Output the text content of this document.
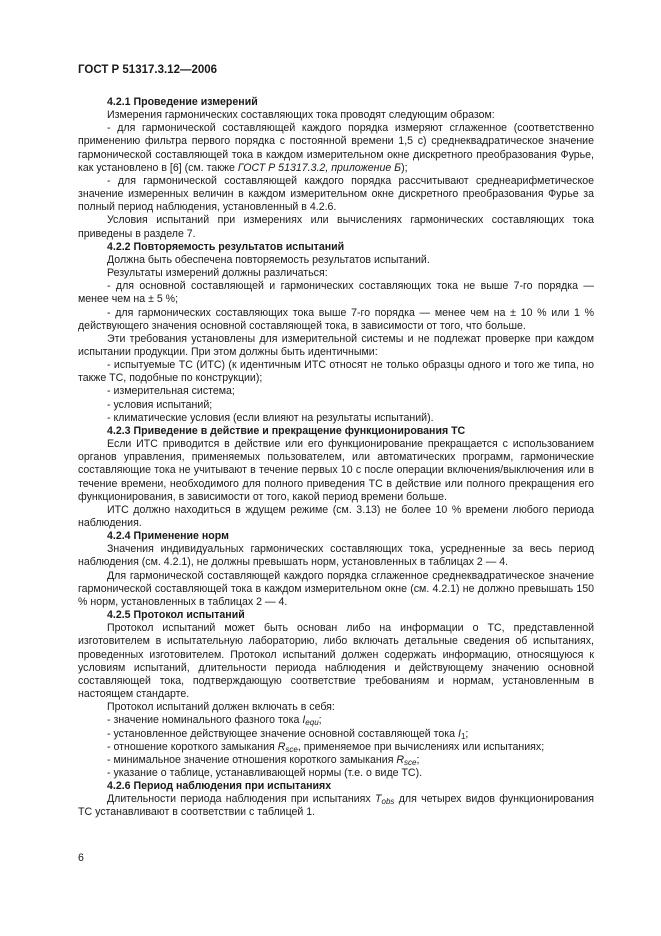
ГОСТ Р 51317.3.12—2006

4.2.1 Проведение измерений

Измерения гармонических составляющих тока проводят следующим образом:

- для гармонической составляющей каждого порядка измеряют сглаженное (соответственно применению фильтра первого порядка с постоянной времени 1,5 с) среднеквадратическое значение гармонической составляющей тока в каждом измерительном окне дискретного преобразования Фурье, как установлено в [6] (см. также ГОСТ Р 51317.3.2, приложение Б);

- для гармонической составляющей каждого порядка рассчитывают среднеарифметическое значение измеренных величин в каждом измерительном окне дискретного преобразования Фурье за полный период наблюдения, установленный в 4.2.6.

Условия испытаний при измерениях или вычислениях гармонических составляющих тока приведены в разделе 7.

4.2.2 Повторяемость результатов испытаний

Должна быть обеспечена повторяемость результатов испытаний.

Результаты измерений должны различаться:

- для основной составляющей и гармонических составляющих тока не выше 7-го порядка — менее чем на ± 5 %;

- для гармонических составляющих тока выше 7-го порядка — менее чем на ± 10 % или 1 % действующего значения основной составляющей тока, в зависимости от того, что больше.

Эти требования установлены для измерительной системы и не подлежат проверке при каждом испытании продукции. При этом должны быть идентичными:

- испытуемые ТС (ИТС) (к идентичным ИТС относят не только образцы одного и того же типа, но также ТС, подобные по конструкции);

- измерительная система;

- условия испытаний;

- климатические условия (если влияют на результаты испытаний).

4.2.3 Приведение в действие и прекращение функционирования ТС

Если ИТС приводится в действие или его функционирование прекращается с использованием органов управления, применяемых пользователем, или автоматических программ, гармонические составляющие тока не учитывают в течение первых 10 с после операции включения/выключения или в течение времени, необходимого для полного приведения ТС в действие или полного прекращения его функционирования, в зависимости от того, какой период времени больше.

ИТС должно находиться в ждущем режиме (см. 3.13) не более 10 % времени любого периода наблюдения.

4.2.4 Применение норм

Значения индивидуальных гармонических составляющих тока, усредненные за весь период наблюдения (см. 4.2.1), не должны превышать норм, установленных в таблицах 2 — 4.

Для гармонической составляющей каждого порядка сглаженное среднеквадратическое значение гармонической составляющей тока в каждом измерительном окне (см. 4.2.1) не должно превышать 150 % норм, установленных в таблицах 2 — 4.

4.2.5 Протокол испытаний

Протокол испытаний может быть основан либо на информации о ТС, представленной изготовителем в испытательную лабораторию, либо включать детальные сведения об испытаниях, проведенных изготовителем. Протокол испытаний должен содержать информацию, относящуюся к условиям испытаний, длительности периода наблюдения и действующему значению основной составляющей тока, подтверждающую соответствие требованиям и нормам, установленным в настоящем стандарте.

Протокол испытаний должен включать в себя:

- значение номинального фазного тока $I_{equ}$;

- установленное действующее значение основной составляющей тока $I_1$;

- отношение короткого замыкания $R_{sce}$, применяемое при вычислениях или испытаниях;

- минимальное значение отношения короткого замыкания $R_{sce}$;

- указание о таблице, устанавливающей нормы (т.е. о виде ТС).

4.2.6 Период наблюдения при испытаниях

Длительности периода наблюдения при испытаниях $T_{obs}$ для четырех видов функционирования ТС устанавливают в соответствии с таблицей 1.

6
